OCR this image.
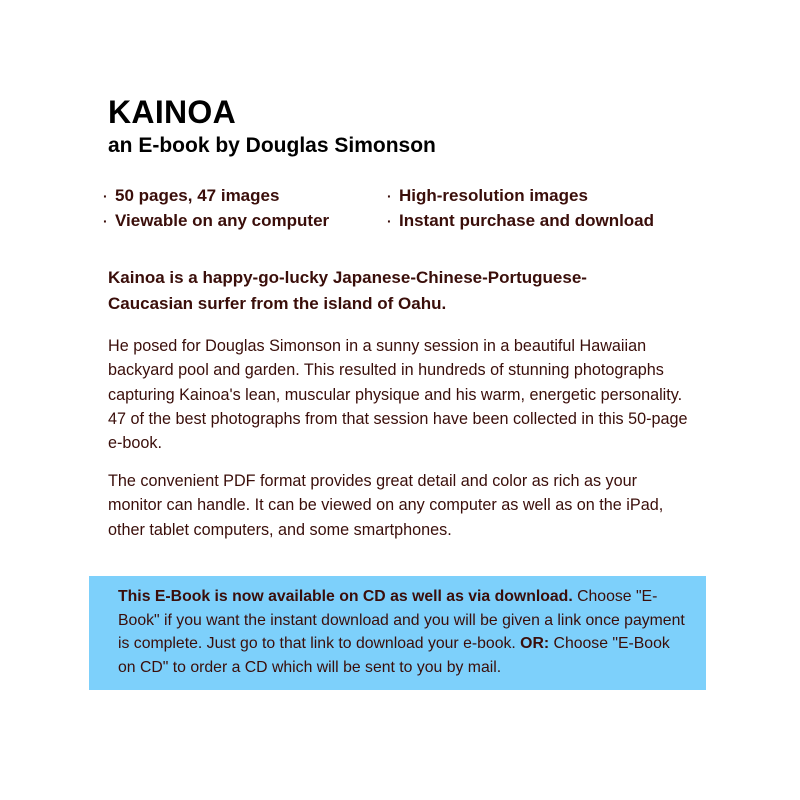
KAINOA
an E-book by Douglas Simonson
· 50 pages, 47 images	· High-resolution images
· Viewable on any computer	· Instant purchase and download

Kainoa is a happy-go-lucky Japanese-Chinese-Portuguese-Caucasian surfer from the island of Oahu.

He posed for Douglas Simonson in a sunny session in a beautiful Hawaiian backyard pool and garden. This resulted in hundreds of stunning photographs capturing Kainoa's lean, muscular physique and his warm, energetic personality. 47 of the best photographs from that session have been collected in this 50-page e-book.

The convenient PDF format provides great detail and color as rich as your monitor can handle. It can be viewed on any computer as well as on the iPad, other tablet computers, and some smartphones.

This E-Book is now available on CD as well as via download. Choose "E-Book" if you want the instant download and you will be given a link once payment is complete. Just go to that link to download your e-book. OR: Choose "E-Book on CD" to order a CD which will be sent to you by mail.
